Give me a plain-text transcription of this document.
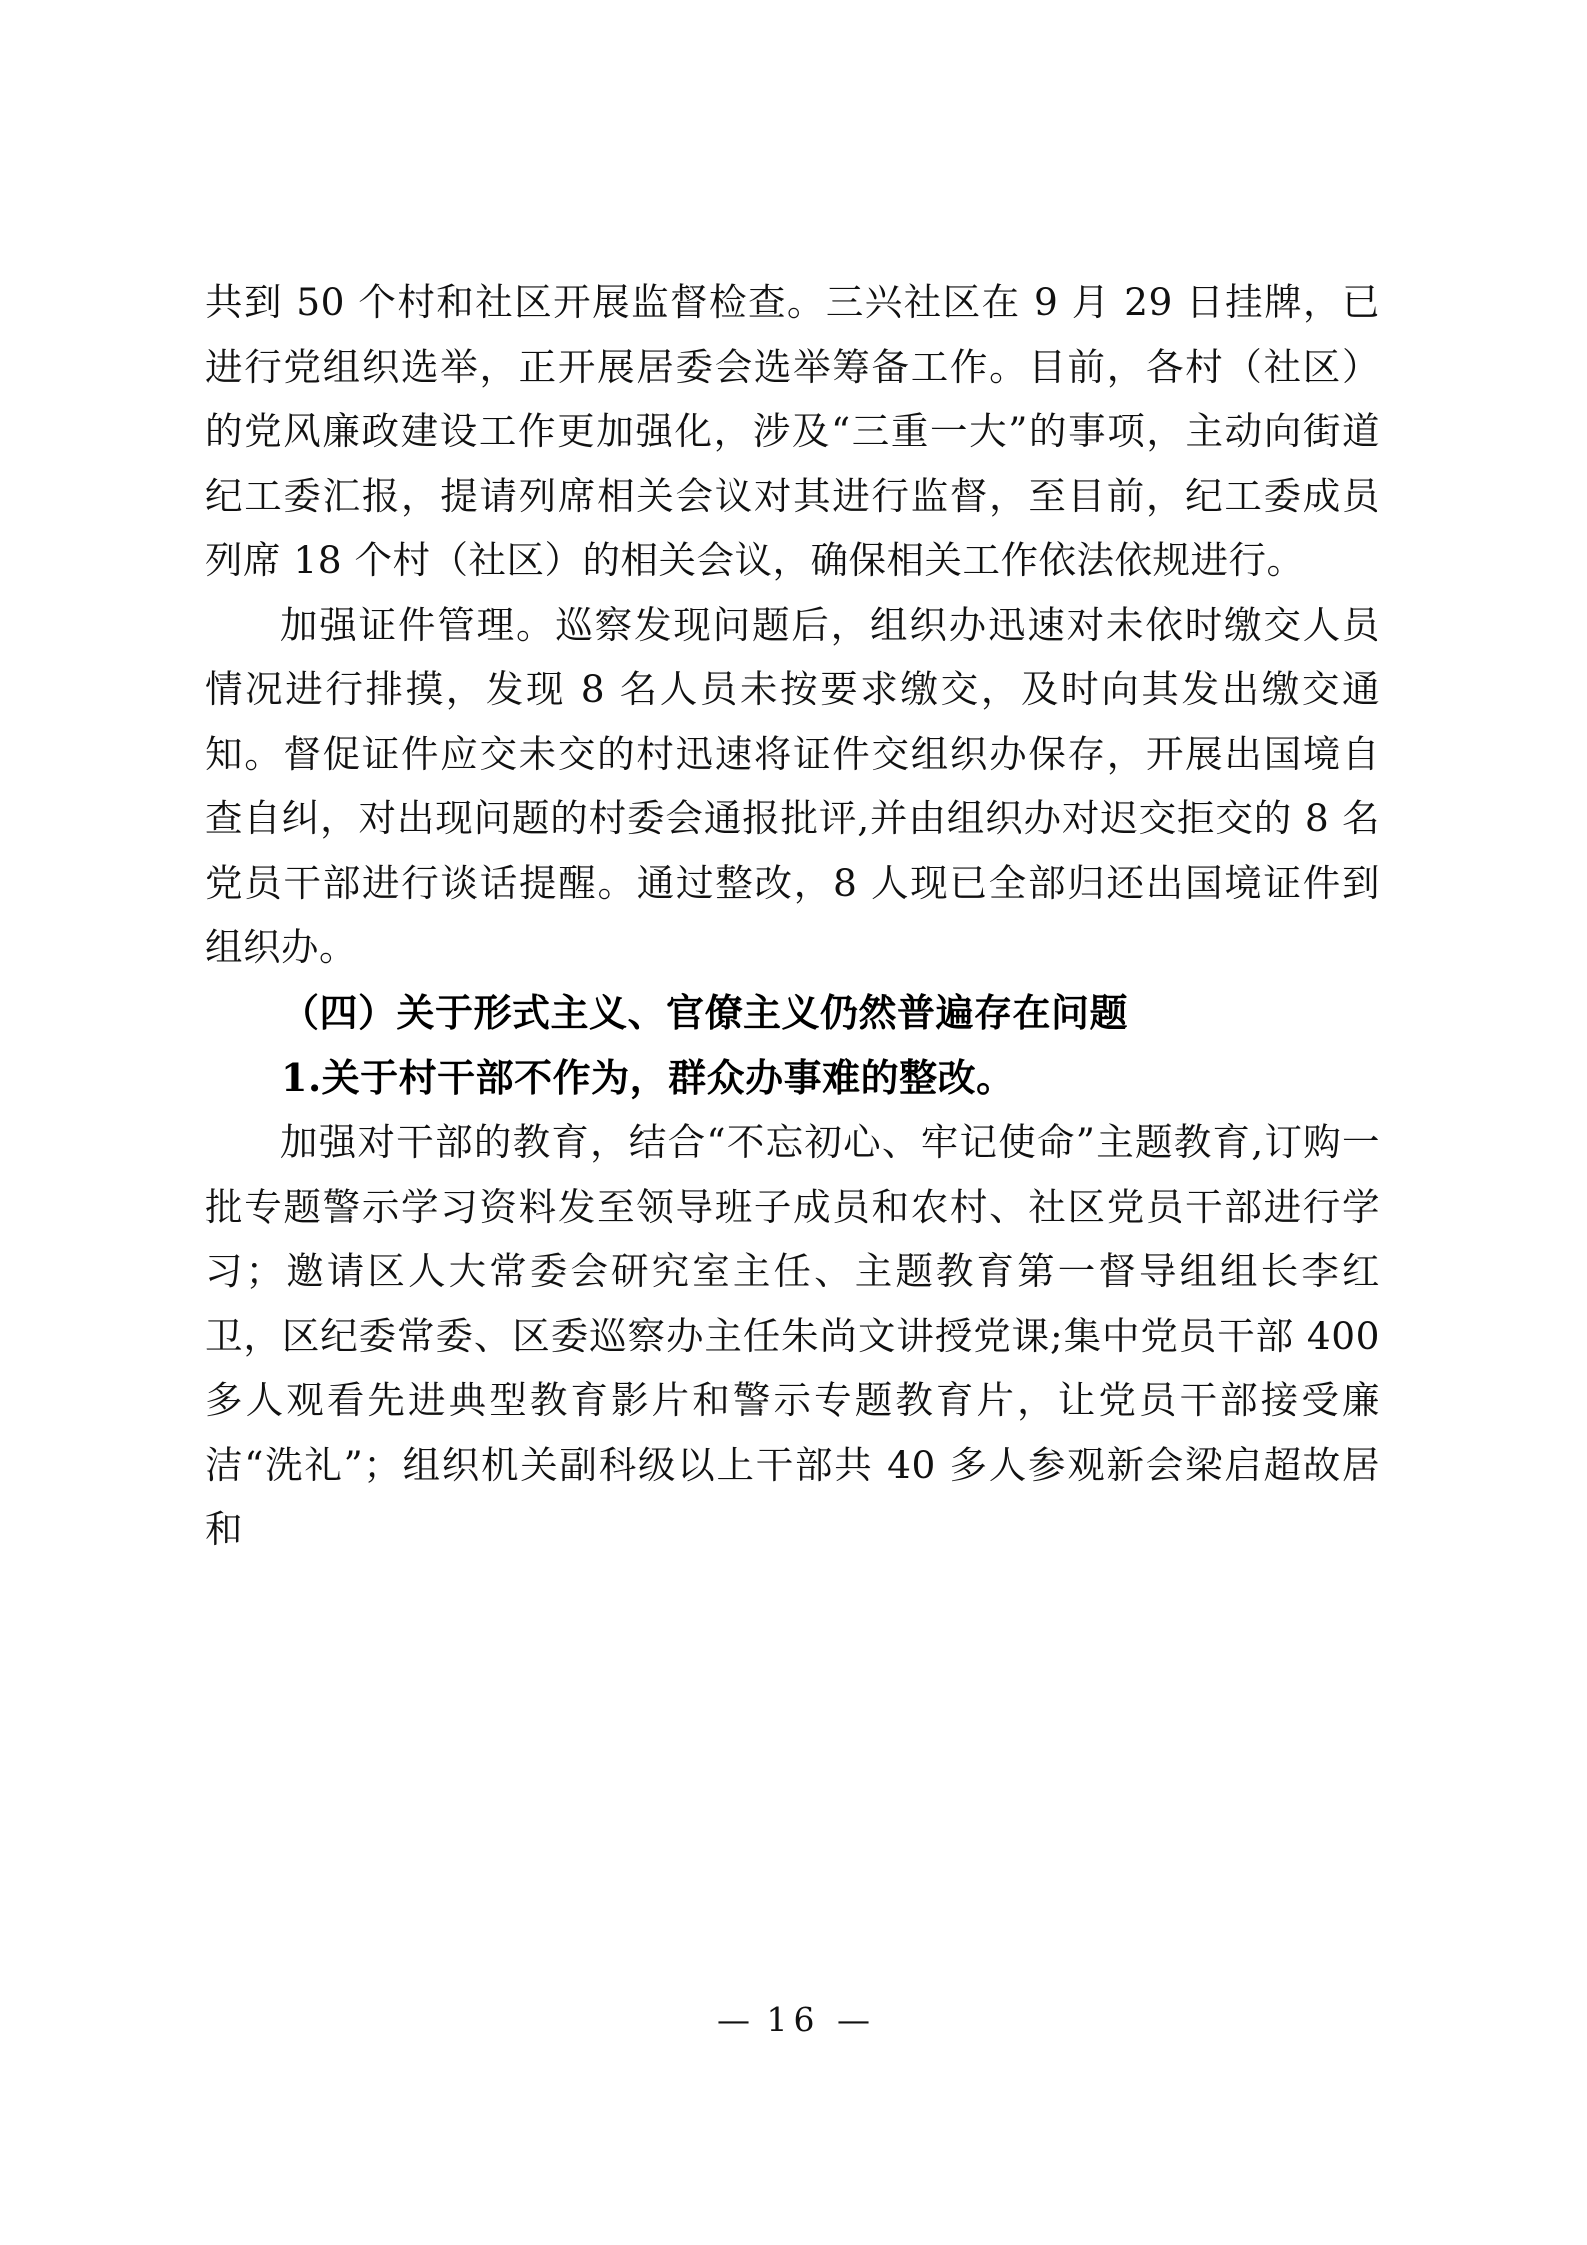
共到 50 个村和社区开展监督检查。三兴社区在 9 月 29 日挂牌，已进行党组织选举，正开展居委会选举筹备工作。目前，各村（社区）的党风廉政建设工作更加强化，涉及“三重一大”的事项，主动向街道纪工委汇报，提请列席相关会议对其进行监督，至目前，纪工委成员列席 18 个村（社区）的相关会议，确保相关工作依法依规进行。

加强证件管理。巡察发现问题后，组织办迅速对未依时缴交人员情况进行排摸，发现 8 名人员未按要求缴交，及时向其发出缴交通知。督促证件应交未交的村迅速将证件交组织办保存，开展出国境自查自纠，对出现问题的村委会通报批评,并由组织办对迟交拒交的 8 名党员干部进行谈话提醒。通过整改，8 人现已全部归还出国境证件到组织办。

（四）关于形式主义、官僚主义仍然普遍存在问题

1.关于村干部不作为，群众办事难的整改。

加强对干部的教育，结合“不忘初心、牢记使命”主题教育,订购一批专题警示学习资料发至领导班子成员和农村、社区党员干部进行学习；邀请区人大常委会研究室主任、主题教育第一督导组组长李红卫，区纪委常委、区委巡察办主任朱尚文讲授党课;集中党员干部 400 多人观看先进典型教育影片和警示专题教育片，让党员干部接受廉洁“洗礼”；组织机关副科级以上干部共 40 多人参观新会梁启超故居和

— 16 —
